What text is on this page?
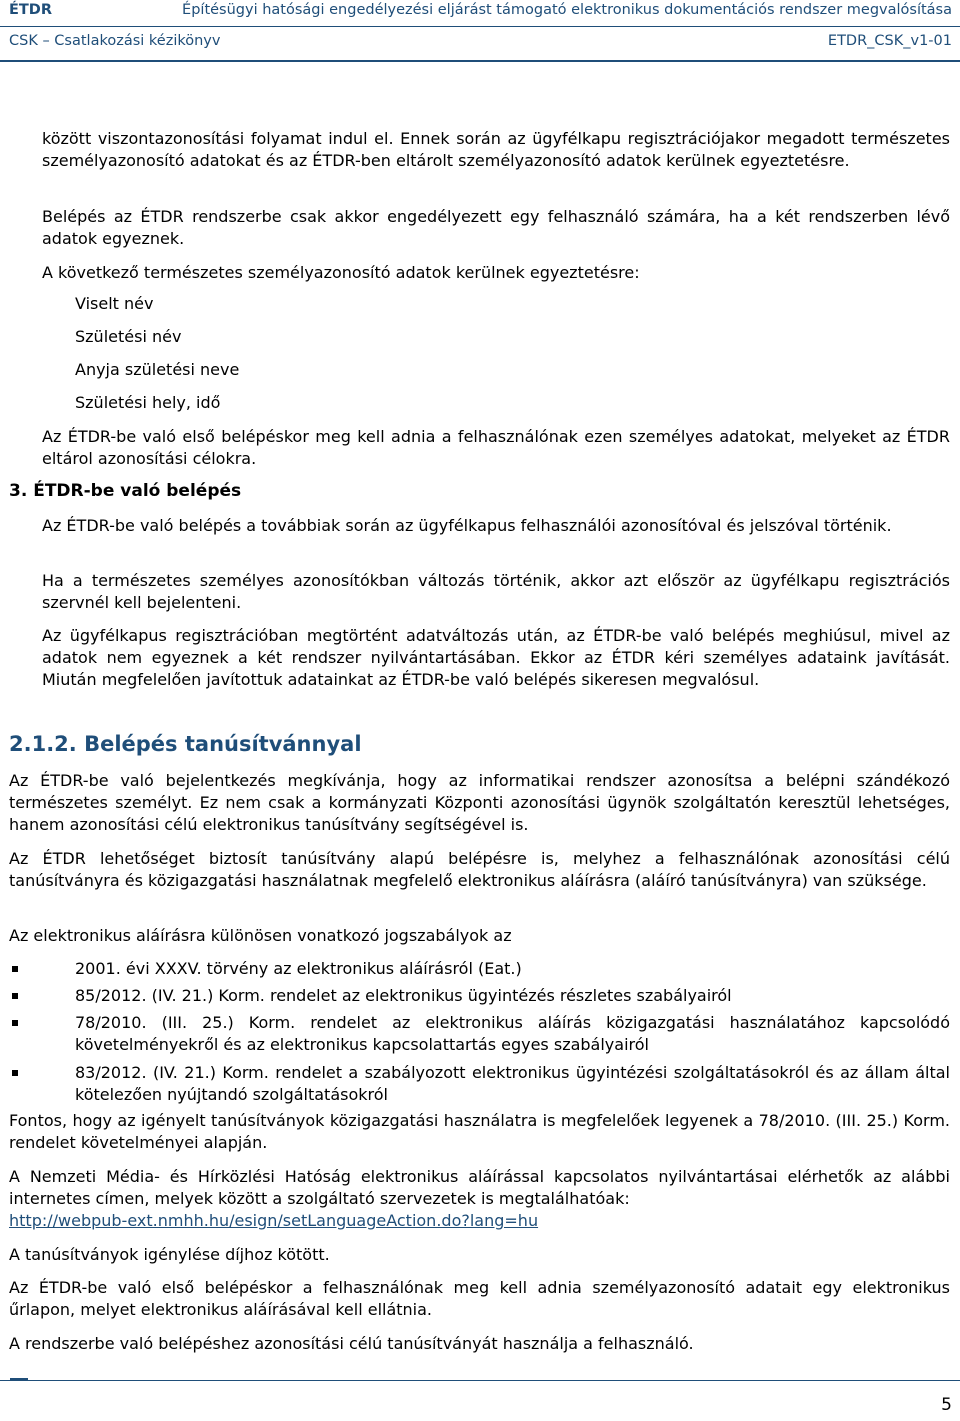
ÉTDR	Építésügyi hatósági engedélyezési eljárást támogató elektronikus dokumentációs rendszer megvalósítása
CSK – Csatlakozási kézikönyv	ETDR_CSK_v1-01
között viszontazonosítási folyamat indul el. Ennek során az ügyfélkapu regisztrációjakor megadott természetes személyazonosító adatokat és az ÉTDR-ben eltárolt személyazonosító adatok kerülnek egyeztetésre.
Belépés az ÉTDR rendszerbe csak akkor engedélyezett egy felhasználó számára, ha a két rendszerben lévő adatok egyeznek.
A következő természetes személyazonosító adatok kerülnek egyeztetésre:
Viselt név
Születési név
Anyja születési neve
Születési hely, idő
Az ÉTDR-be való első belépéskor meg kell adnia a felhasználónak ezen személyes adatokat, melyeket az ÉTDR eltárol azonosítási célokra.
3. ÉTDR-be való belépés
Az ÉTDR-be való belépés a továbbiak során az ügyfélkapus felhasználói azonosítóval és jelszóval történik.
Ha a természetes személyes azonosítókban változás történik, akkor azt először az ügyfélkapu regisztrációs szervnél kell bejelenteni.
Az ügyfélkapus regisztrációban megtörtént adatváltozás után, az ÉTDR-be való belépés meghiúsul, mivel az adatok nem egyeznek a két rendszer nyilvántartásában. Ekkor az ÉTDR kéri személyes adataink javítását. Miután megfelelően javítottuk adatainkat az ÉTDR-be való belépés sikeresen megvalósul.
2.1.2. Belépés tanúsítvánnyal
Az ÉTDR-be való bejelentkezés megkívánja, hogy az informatikai rendszer azonosítsa a belépni szándékozó természetes személyt. Ez nem csak a kormányzati Központi azonosítási ügynök szolgáltatón keresztül lehetséges, hanem azonosítási célú elektronikus tanúsítvány segítségével is.
Az ÉTDR lehetőséget biztosít tanúsítvány alapú belépésre is, melyhez a felhasználónak azonosítási célú tanúsítványra és közigazgatási használatnak megfelelő elektronikus aláírásra (aláíró tanúsítványra) van szüksége.
Az elektronikus aláírásra különösen vonatkozó jogszabályok az
2001. évi XXXV. törvény az elektronikus aláírásról (Eat.)
85/2012. (IV. 21.) Korm. rendelet az elektronikus ügyintézés részletes szabályairól
78/2010. (III. 25.) Korm. rendelet az elektronikus aláírás közigazgatási használatához kapcsolódó követelményekről és az elektronikus kapcsolattartás egyes szabályairól
83/2012. (IV. 21.) Korm. rendelet a szabályozott elektronikus ügyintézési szolgáltatásokról és az állam által kötelezően nyújtandó szolgáltatásokról
Fontos, hogy az igényelt tanúsítványok közigazgatási használatra is megfelelőek legyenek a 78/2010. (III. 25.) Korm. rendelet követelményei alapján.
A Nemzeti Média- és Hírközlési Hatóság elektronikus aláírással kapcsolatos nyilvántartásai elérhetők az alábbi internetes címen, melyek között a szolgáltató szervezetek is megtalálhatóak:
http://webpub-ext.nmhh.hu/esign/setLanguageAction.do?lang=hu
A tanúsítványok igénylése díjhoz kötött.
Az ÉTDR-be való első belépéskor a felhasználónak meg kell adnia személyazonosító adatait egy elektronikus űrlapon, melyet elektronikus aláírásával kell ellátnia.
A rendszerbe való belépéshez azonosítási célú tanúsítványát használja a felhasználó.
5
